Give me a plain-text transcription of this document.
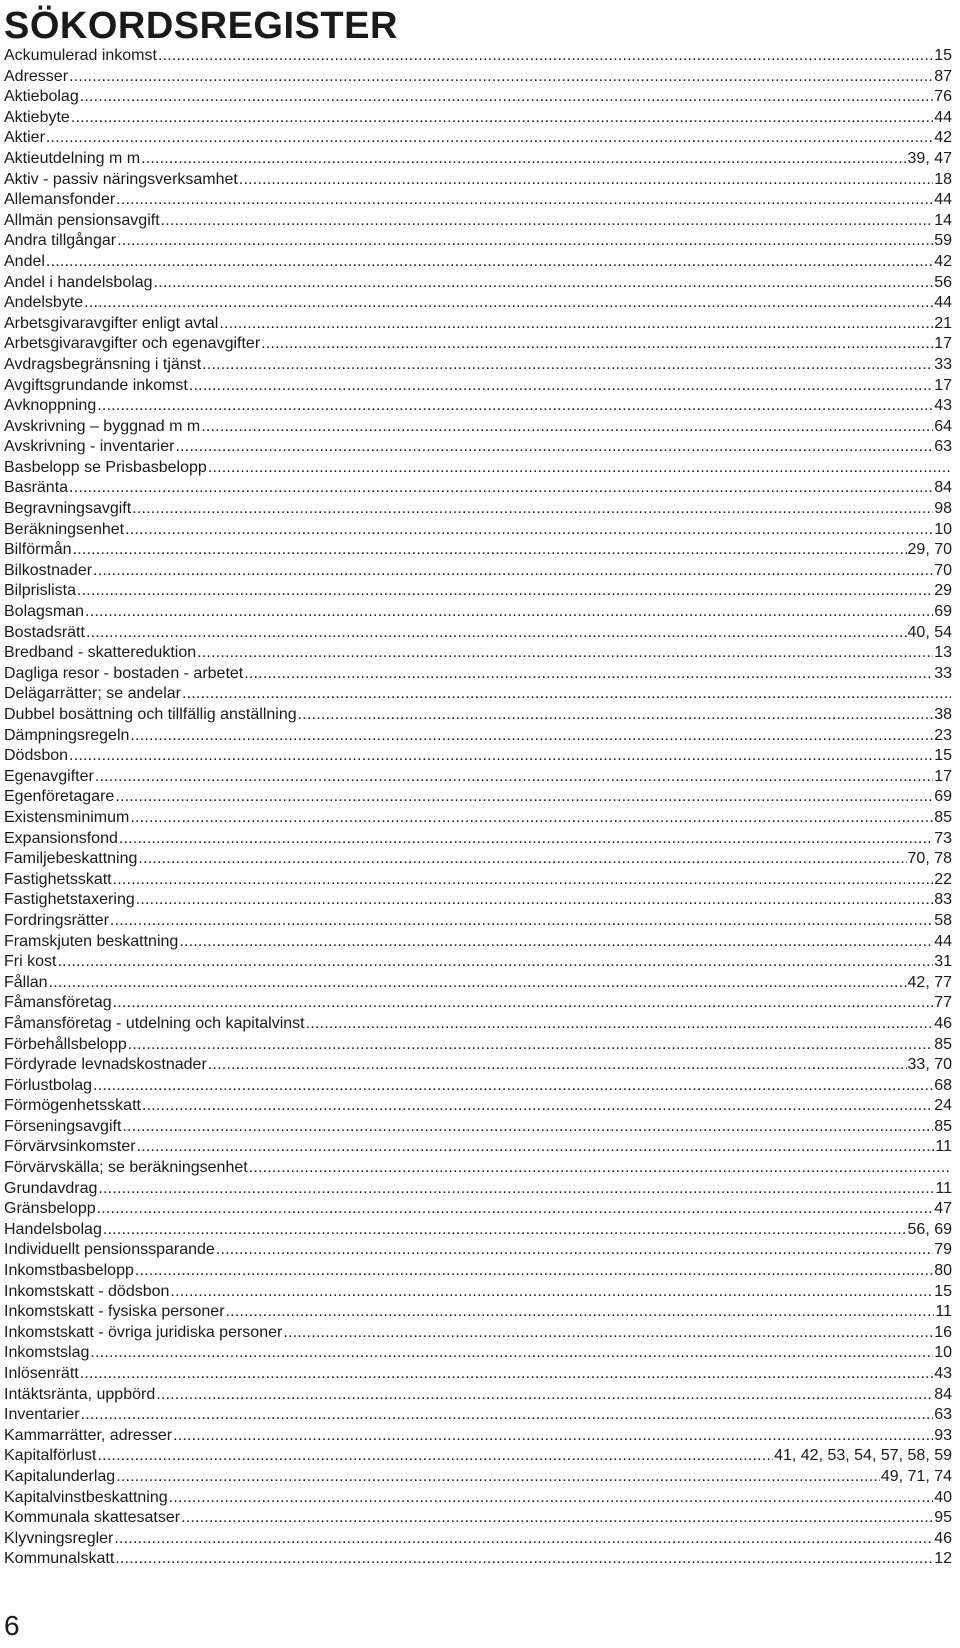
SÖKORDSREGISTER
Ackumulerad inkomst .....	15
Adresser .....	87
Aktiebolag .....	76
Aktiebyte .....	44
Aktier .....	42
Aktieutdelning m m .....	39, 47
Aktiv - passiv näringsverksamhet .....	18
Allemansfonder .....	44
Allmän pensionsavgift .....	14
Andra tillgångar .....	59
Andel .....	42
Andel i handelsbolag .....	56
Andelsbyte .....	44
Arbetsgivaravgifter enligt avtal .....	21
Arbetsgivaravgifter och egenavgifter .....	17
Avdragsbegränsning i tjänst .....	33
Avgiftsgrundande inkomst .....	17
Avknoppning .....	43
Avskrivning – byggnad m m .....	64
Avskrivning - inventarier .....	63
Basbelopp se Prisbasbelopp
.....
Basränta .....	84
Begravningsavgift .....	98
Beräkningsenhet .....	10
Bilförmån .....	29, 70
Bilkostnader .....	70
Bilprislista .....	29
Bolagsman .....	69
Bostadsrätt .....	40, 54
Bredband - skattereduktion .....	13
Dagliga resor - bostaden - arbetet .....	33
Delägarrätter; se andelar
.....
Dubbel bosättning och tillfällig anställning .....	38
Dämpningsregeln .....	23
Dödsbon .....	15
Egenavgifter .....	17
Egenföretagare .....	69
Existensminimum .....	85
Expansionsfond .....	73
Familjebeskattning .....	70, 78
Fastighetsskatt .....	22
Fastighetstaxering .....	83
Fordringsrätter .....	58
Framskjuten beskattning .....	44
Fri kost .....	31
Fållan .....	42, 77
Fåmansföretag .....	77
Fåmansföretag - utdelning och kapitalvinst .....	46
Förbehållsbelopp .....	85
Fördyrade levnadskostnader .....	33, 70
Förlustbolag .....	68
Förmögenhetsskatt .....	24
Förseningsavgift .....	85
Förvärvsinkomster .....	11
Förvärvskälla; se beräkningsenhet
.....
Grundavdrag .....	11
Gränsbelopp .....	47
Handelsbolag .....	56, 69
Individuellt pensionssparande .....	79
Inkomstbasbelopp .....	80
Inkomstskatt - dödsbon .....	15
Inkomstskatt - fysiska personer .....	11
Inkomstskatt - övriga juridiska personer .....	16
Inkomstslag .....	10
Inlösenrätt .....	43
Intäktsränta, uppbörd .....	84
Inventarier .....	63
Kammarrätter, adresser .....	93
Kapitalförlust .....	41, 42, 53, 54, 57, 58, 59
Kapitalunderlag .....	49, 71, 74
Kapitalvinstbeskattning .....	40
Kommunala skattesatser .....	95
Klyvningsregler .....	46
Kommunalskatt .....	12
6
